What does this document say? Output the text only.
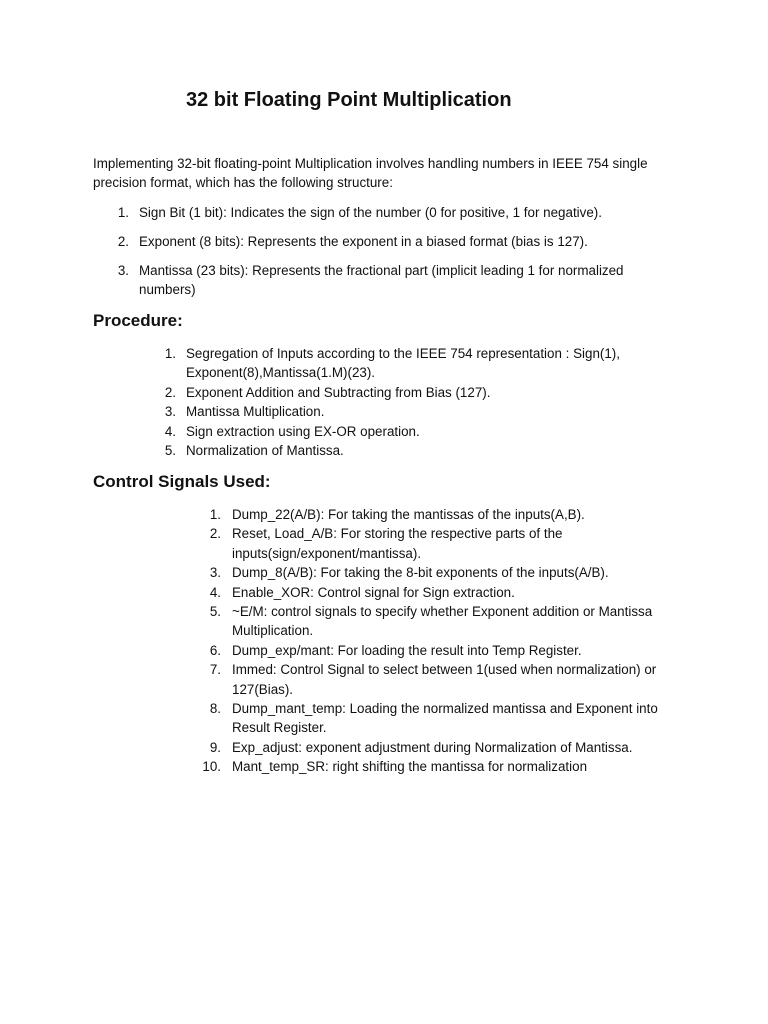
32 bit Floating Point Multiplication

Implementing 32-bit floating-point Multiplication involves handling numbers in IEEE 754 single precision format, which has the following structure:

1. Sign Bit (1 bit): Indicates the sign of the number (0 for positive, 1 for negative).
2. Exponent (8 bits): Represents the exponent in a biased format (bias is 127).
3. Mantissa (23 bits): Represents the fractional part (implicit leading 1 for normalized numbers)
Procedure:
1. Segregation of Inputs according to the IEEE 754 representation : Sign(1), Exponent(8),Mantissa(1.M)(23).
2. Exponent Addition and Subtracting from Bias (127).
3. Mantissa Multiplication.
4. Sign extraction using EX-OR operation.
5. Normalization of Mantissa.
Control Signals Used:
1. Dump_22(A/B): For taking the mantissas of the inputs(A,B).
2. Reset, Load_A/B: For storing the respective parts of the inputs(sign/exponent/mantissa).
3. Dump_8(A/B): For taking the 8-bit exponents of the inputs(A/B).
4. Enable_XOR: Control signal for Sign extraction.
5. ~E/M: control signals to specify whether Exponent addition or Mantissa Multiplication.
6. Dump_exp/mant: For loading the result into Temp Register.
7. Immed: Control Signal to select between 1(used when normalization) or 127(Bias).
8. Dump_mant_temp: Loading the normalized mantissa and Exponent into Result Register.
9. Exp_adjust: exponent adjustment during Normalization of Mantissa.
10. Mant_temp_SR: right shifting the mantissa for normalization
